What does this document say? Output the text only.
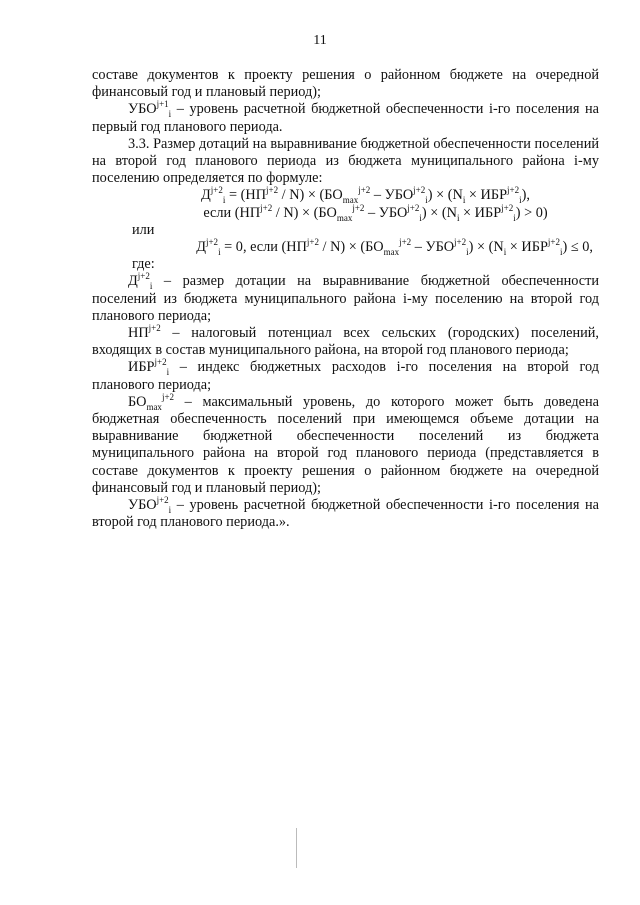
11

составе документов к проекту решения о районном бюджете на очередной финансовый год и плановый период);

$УБО^{j+1}_i$ – уровень расчетной бюджетной обеспеченности i-го поселения на первый год планового периода.

3.3. Размер дотаций на выравнивание бюджетной обеспеченности поселений на второй год планового периода из бюджета муниципального района i-му поселению определяется по формуле:

$Д^{j+2}_i = (НП^{j+2} / N) \times (БО_{max}^{j+2} - УБО^{j+2}_i) \times (N_i \times ИБР^{j+2}_i)$,
если $(НП^{j+2} / N) \times (БО_{max}^{j+2} - УБО^{j+2}_i) \times (N_i \times ИБР^{j+2}_i) > 0$)
или
$Д^{j+2}_i = 0$, если $(НП^{j+2} / N) \times (БО_{max}^{j+2} - УБО^{j+2}_i) \times (N_i \times ИБР^{j+2}_i) \le 0$,
где:

$Д^{j+2}_i$ – размер дотации на выравнивание бюджетной обеспеченности поселений из бюджета муниципального района i-му поселению на второй год планового периода;

$НП^{j+2}$ – налоговый потенциал всех сельских (городских) поселений, входящих в состав муниципального района, на второй год планового периода;

$ИБР^{j+2}_i$ – индекс бюджетных расходов i-го поселения на второй год планового периода;

$БО_{max}^{j+2}$ – максимальный уровень, до которого может быть доведена бюджетная обеспеченность поселений при имеющемся объеме дотации на выравнивание бюджетной обеспеченности поселений из бюджета муниципального района на второй год планового периода (представляется в составе документов к проекту решения о районном бюджете на очередной финансовый год и плановый период);

$УБО^{j+2}_i$ – уровень расчетной бюджетной обеспеченности i-го поселения на второй год планового периода.».
